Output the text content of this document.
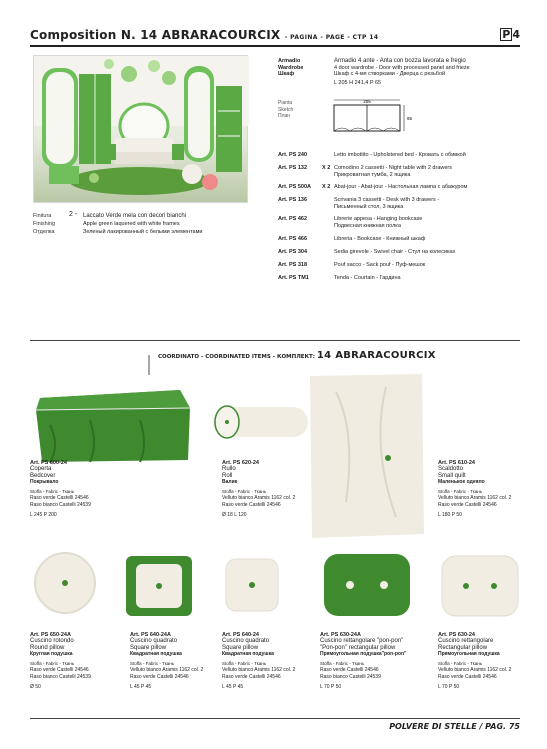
Composition N. 14 ABRARACOURCIX - PAGINA - PAGE - CTP 14	P 4
Finitura
Finishing
Отделка
2 - Laccato Verde mela con decori bianchi
Apple green laquered with white frames
Зеленый лакированный с белыми элементами
Armadio
Wardrobe
Шкаф
Armadio 4 ante - Anta con bozza lavorata e fregio
4 door wardrobe - Door with processed panel and frieze
Шкаф с 4-мя створками - Дверца с резьбой
L 205 H 241,4 P 65
Art. PS 240	Letto imbottito - Upholstered bed - Кровать с обивкой
Art. PS 132	X 2 Comodino 2 cassetti - Night table with 2 drawers
Прикроватная тумба, 2 ящика
Art. PS 500A	X 2 Abat-jour - Abat-jour - Настольная лампа с абажуром
Art. PS 136	Scrivania 3 cassetti - Desk with 3 drawers -
Письменный стол, 3 ящика
Art. PS 462	Librerie appesa - Hanging bookcase
Подвесная книжная полка
Art. PS 466	Libreria - Bookcase - Книжный шкаф
Art. PS 304	Sedia girevole - Swivel chair - Стул на колесиках
Art. PS 318	Pouf sacco - Sack pouf - Пуф-мешок
Art. PS TM1	Tenda - Courtain - Гардина
Pianta
Sketch
План
205
65
COORDINATO - COORDINATED ITEMS - КОМПЛЕКТ: 14 ABRARACOURCIX
Art. PS 600-24
Coperta
Bedcover
Покрывало
Stoffa - Fabric - Ткань
Raso verde Castelli 24546
Raso bianco Castelli 24539
L 245 P 200
Art. PS 620-24
Rullo
Roll
Валик
Stoffa - Fabric - Ткань
Velluto bianco Aramis 1162 col. 2
Raso verde Castelli 24546
Ø 18 L 120
Art. PS 610-24
Scaldotto
Small quilt
Маленькое одеяло
Stoffa - Fabric - Ткань
Velluto bianco Aramis 1162 col. 2
Raso verde Castelli 24546
L 180 P 50
Art. PS 650-24A
Cuscino rotondo
Round pillow
Круглая подушка
Stoffa - Fabric - Ткань
Raso verde Castelli 24546
Raso bianco Castelli 24539
Ø 50
Art. PS 640-24A
Cuscino quadrato
Square pillow
Квадратная подушка
Stoffa - Fabric - Ткань
Velluto bianco Aramis 1162 col. 2
Raso verde Castelli 24546
L 45 P 45
Art. PS 640-24
Cuscino quadrato
Square pillow
Квадратная подушка
Stoffa - Fabric - Ткань
Velluto bianco Aramis 1162 col. 2
Raso verde Castelli 24546
L 45 P 45
Art. PS 630-24A
Cuscino rettangolare "pon-pon"
"Pon-pon" rectangular pillow
Прямоугольная подушка"pon-pon"
Stoffa - Fabric - Ткань
Raso verde Castelli 24546
Raso bianco Castelli 24539
L 70 P 50
Art. PS 630-24
Cuscino rettangolare
Rectangular pillow
Прямоугольная подушка
Stoffa - Fabric - Ткань
Velluto bianco Aramis 1162 col. 2
Raso verde Castelli 24546
L 70 P 50
POLVERE DI STELLE / PAG. 75
